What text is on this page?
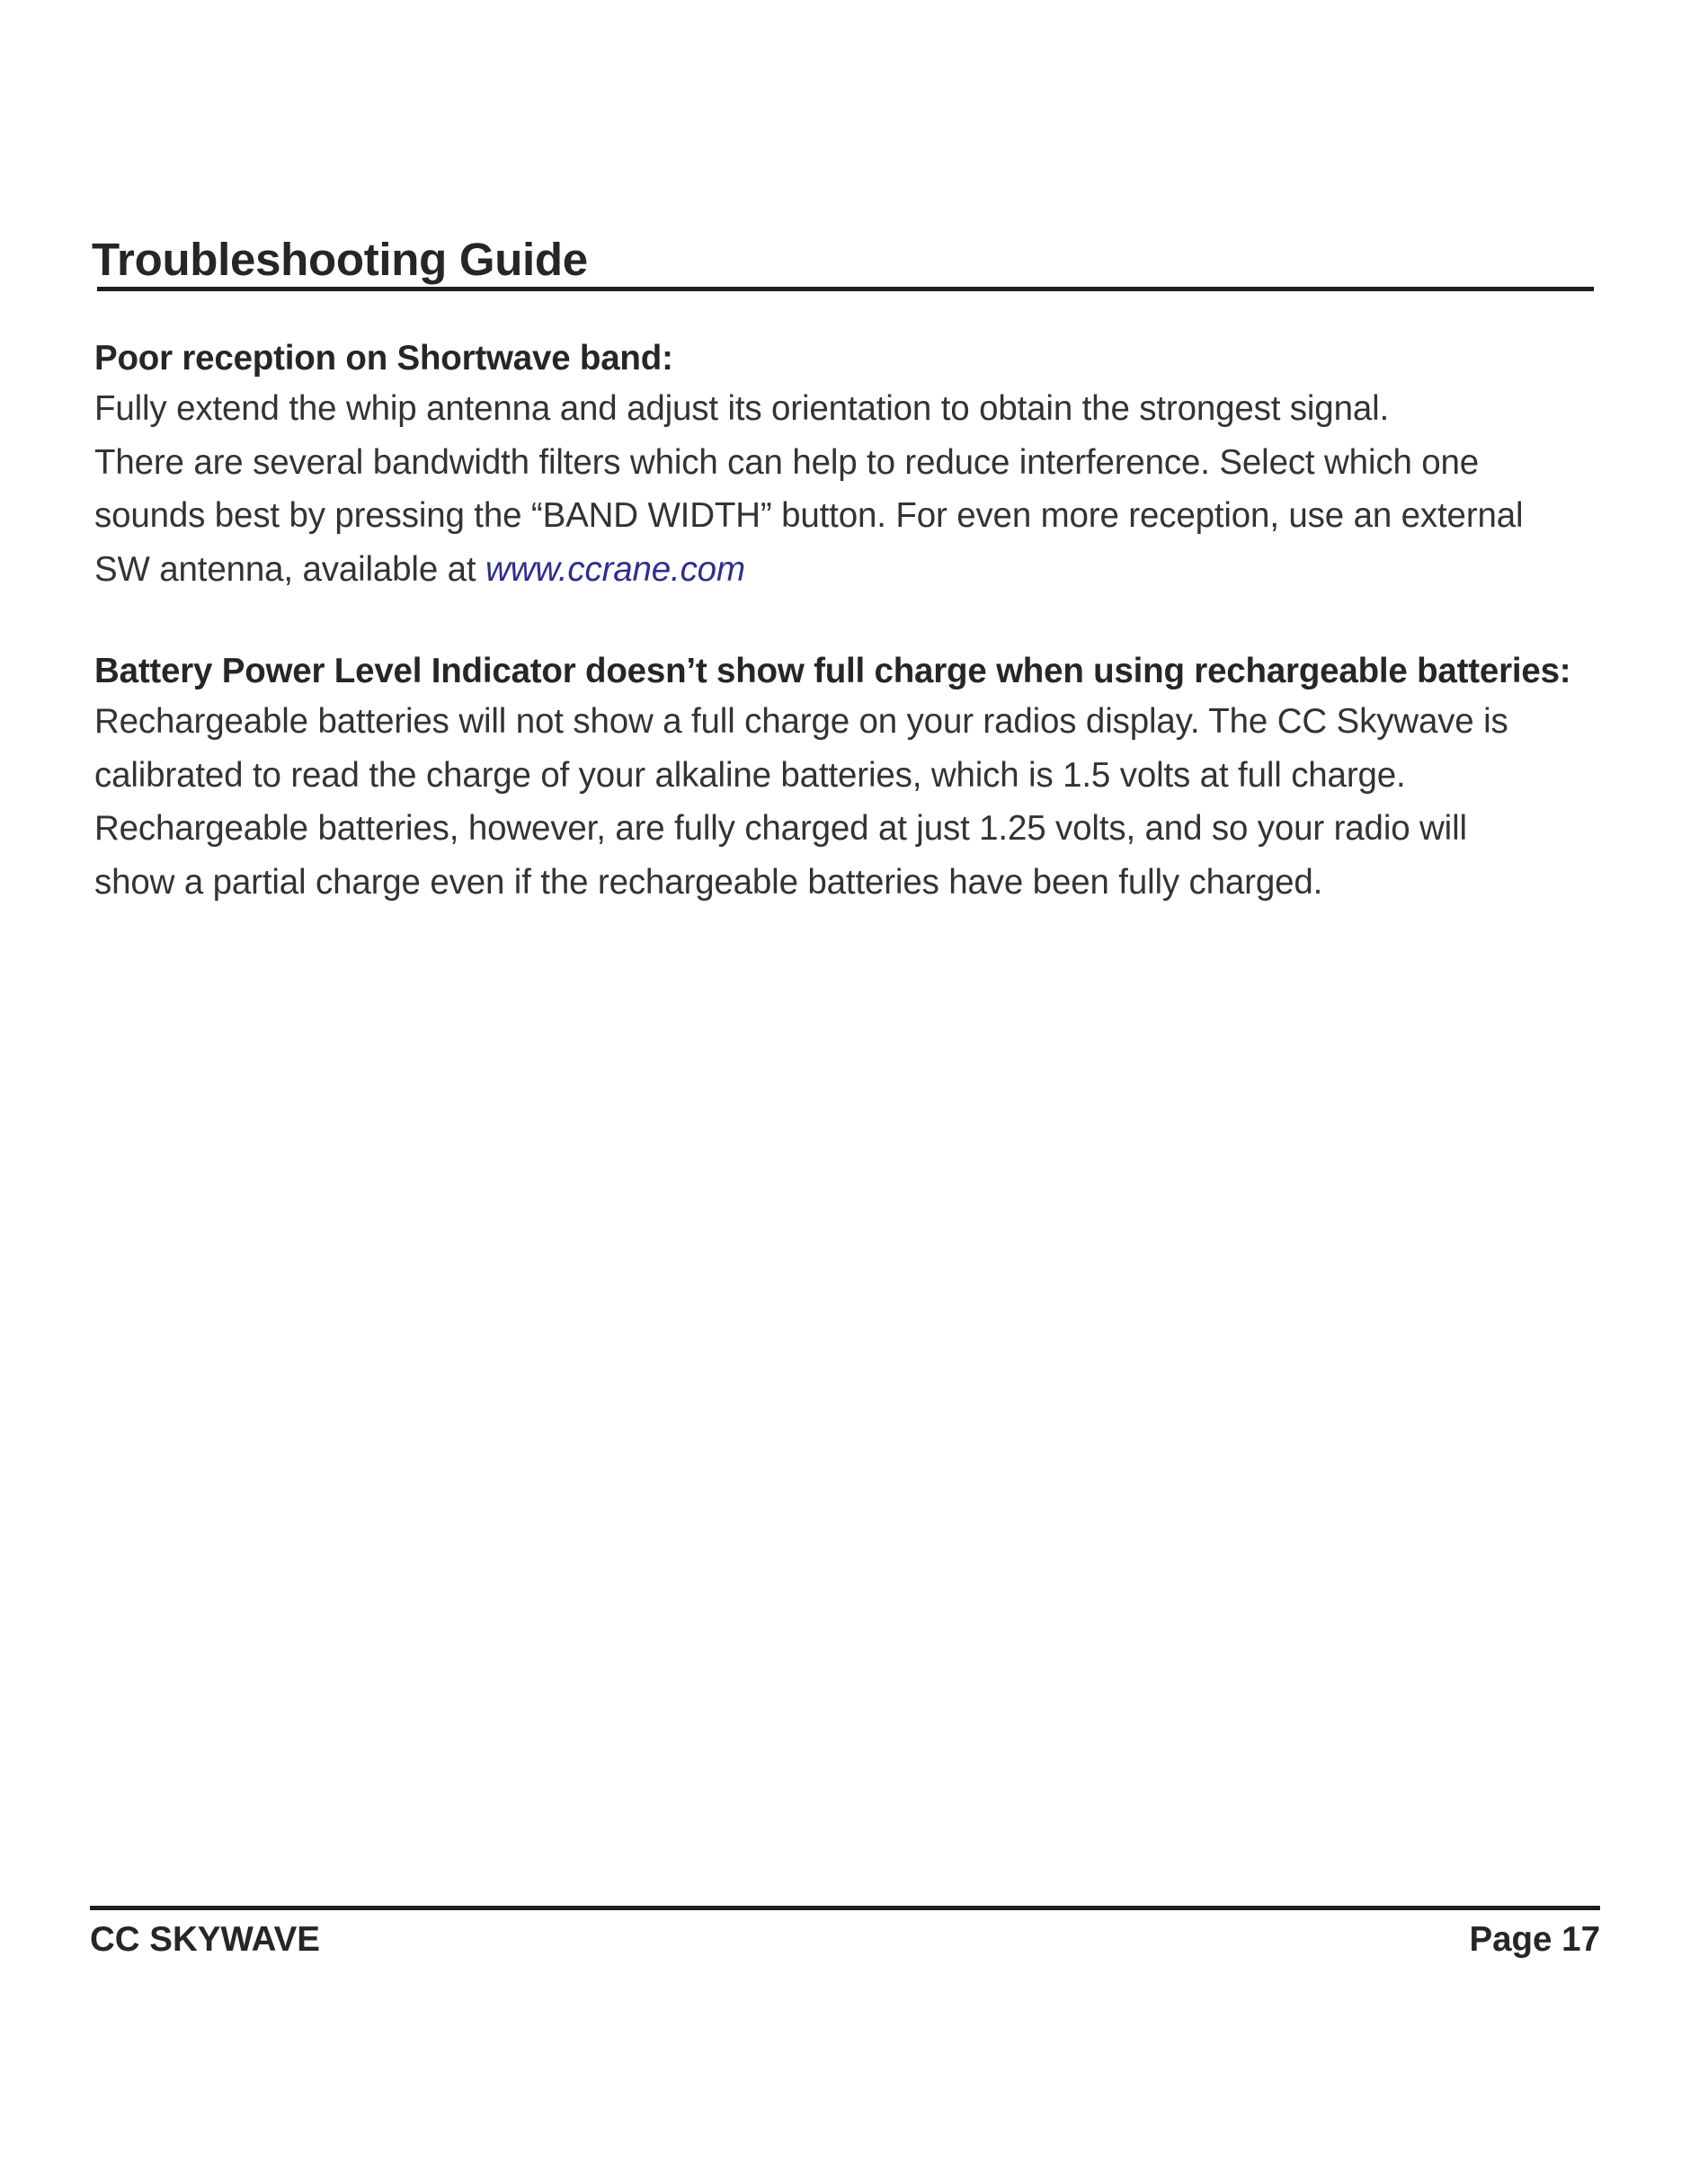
Troubleshooting Guide
Poor reception on Shortwave band:
Fully extend the whip antenna and adjust its orientation to obtain the strongest signal.
There are several bandwidth filters which can help to reduce interference. Select which one
sounds best by pressing the “BAND WIDTH” button. For even more reception, use an external
SW antenna, available at www.ccrane.com
Battery Power Level Indicator doesn’t show full charge when using rechargeable batteries:
Rechargeable batteries will not show a full charge on your radios display. The CC Skywave is
calibrated to read the charge of your alkaline batteries, which is 1.5 volts at full charge.
Rechargeable batteries, however, are fully charged at just 1.25 volts, and so your radio will
show a partial charge even if the rechargeable batteries have been fully charged.
CC SKYWAVE	Page 17
